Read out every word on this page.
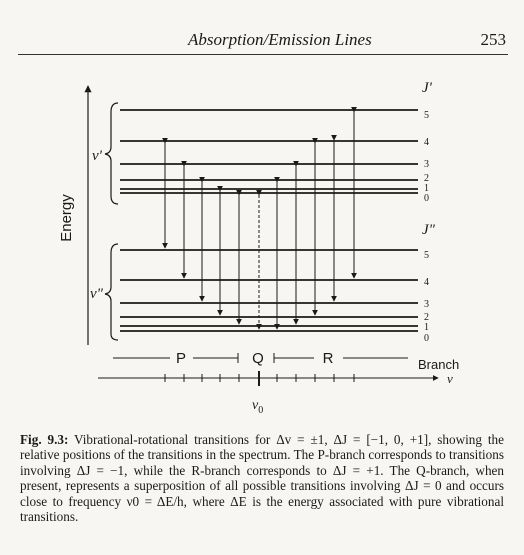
Absorption/Emission Lines	253
Energy
v'
v"
J'
J"
5
4
3
2
1
0
5
4
3
2
1
0
P	Q	R	Branch
ν
$\nu_0$
Fig. 9.3: Vibrational-rotational transitions for Δv = ±1, ΔJ = [−1, 0, +1], showing the relative positions of the transitions in the spectrum. The P-branch corresponds to transitions involving ΔJ = −1, while the R-branch corresponds to ΔJ = +1. The Q-branch, when present, represents a superposition of all possible transitions involving ΔJ = 0 and occurs close to frequency ν0 = ΔE/h, where ΔE is the energy associated with pure vibrational transitions.
